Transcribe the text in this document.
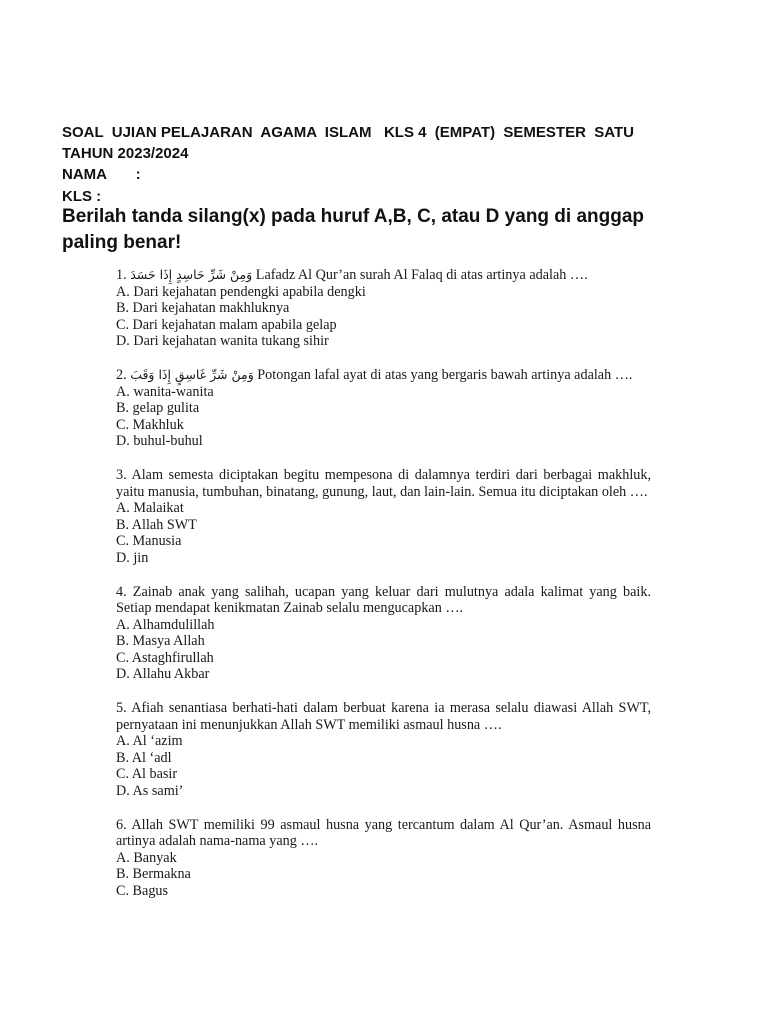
SOAL  UJIAN PELAJARAN  AGAMA  ISLAM   KLS 4  (EMPAT)  SEMESTER  SATU
TAHUN 2023/2024
NAMA       :
KLS :
Berilah tanda silang(x) pada huruf A,B, C, atau D yang di anggap paling benar!
1. وَمِنْ شَرِّ حَاسِدٍ إِذَا حَسَدَ Lafadz Al Qur’an surah Al Falaq di atas artinya adalah ….
A. Dari kejahatan pendengki apabila dengki
B. Dari kejahatan makhluknya
C. Dari kejahatan malam apabila gelap
D. Dari kejahatan wanita tukang sihir
2. وَمِنْ شَرِّ غَاسِقٍ إِذَا وَقَبَ Potongan lafal ayat di atas yang bergaris bawah artinya adalah ….
A. wanita-wanita
B. gelap gulita
C. Makhluk
D. buhul-buhul
3. Alam semesta diciptakan begitu mempesona di dalamnya terdiri dari berbagai makhluk, yaitu manusia, tumbuhan, binatang, gunung, laut, dan lain-lain. Semua itu diciptakan oleh ….
A. Malaikat
B. Allah SWT
C. Manusia
D. jin
4. Zainab anak yang salihah, ucapan yang keluar dari mulutnya adala kalimat yang baik. Setiap mendapat kenikmatan Zainab selalu mengucapkan ….
A. Alhamdulillah
B. Masya Allah
C. Astaghfirullah
D. Allahu Akbar
5. Afiah senantiasa berhati-hati dalam berbuat karena ia merasa selalu diawasi Allah SWT, pernyataan ini menunjukkan Allah SWT memiliki asmaul husna ….
A. Al ‘azim
B. Al ‘adl
C. Al basir
D. As sami’
6. Allah SWT memiliki 99 asmaul husna yang tercantum dalam Al Qur’an. Asmaul husna artinya adalah nama-nama yang ….
A. Banyak
B. Bermakna
C. Bagus
